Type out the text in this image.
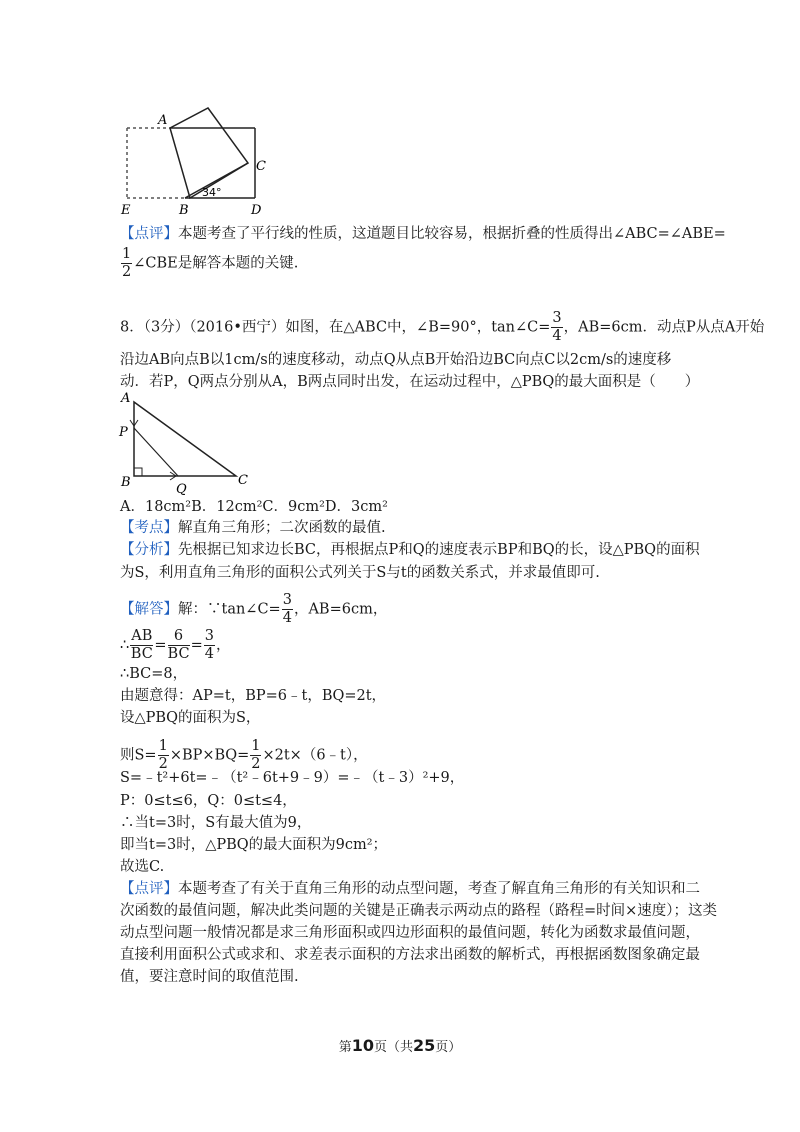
A
C
E	B	D
34°
【点评】本题考查了平行线的性质，这道题目比较容易，根据折叠的性质得出∠ABC=∠ABE=
$\frac{1}{2}$ ∠CBE是解答本题的关键.
8．（3分）（2016•西宁）如图，在△ABC中，∠B=90°，tan∠C= $\frac{3}{4}$ ，AB=6cm．动点P从点A开始
沿边AB向点B以1cm/s的速度移动，动点Q从点B开始沿边BC向点C以2cm/s的速度移
动．若P，Q两点分别从A，B两点同时出发，在运动过程中，△PBQ的最大面积是（　　）
A
P
B	Q
C
A．18cm²B．12cm²C．9cm²D．3cm²
【考点】解直角三角形；二次函数的最值.
【分析】先根据已知求边长BC，再根据点P和Q的速度表示BP和BQ的长，设△PBQ的面积
为S，利用直角三角形的面积公式列关于S与t的函数关系式，并求最值即可.
【解答】解：∵tan∠C= $\frac{3}{4}$ ，AB=6cm，
∴ $\frac{AB}{BC} = \frac{6}{BC} = \frac{3}{4}$ ，
∴BC=8，
由题意得：AP=t，BP=6﹣t，BQ=2t，
设△PBQ的面积为S，
则$S= \frac{1}{2} \times BP\times BQ= \frac{1}{2}$ ×2t×（6﹣t），
S=﹣t²+6t=﹣（t²﹣6t+9﹣9）=﹣（t﹣3）²+9，
P：0≤t≤6，Q：0≤t≤4，
∴当t=3时，S有最大值为9，
即当t=3时，△PBQ的最大面积为9cm²；
故选C.
【点评】本题考查了有关于直角三角形的动点型问题，考查了解直角三角形的有关知识和二
次函数的最值问题，解决此类问题的关键是正确表示两动点的路程（路程=时间×速度）；这类
动点型问题一般情况都是求三角形面积或四边形面积的最值问题，转化为函数求最值问题，
直接利用面积公式或求和、求差表示面积的方法求出函数的解析式，再根据函数图象确定最
值，要注意时间的取值范围.
第10页（共25页）
